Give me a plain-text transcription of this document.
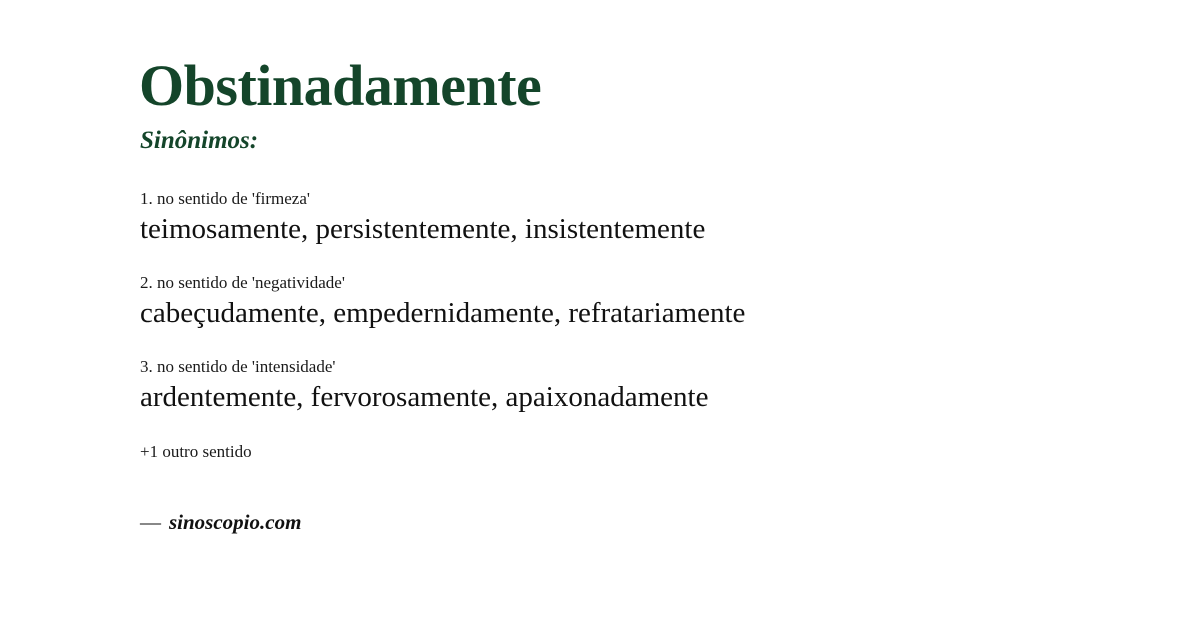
Obstinadamente
Sinônimos:
1. no sentido de 'firmeza'
teimosamente, persistentemente, insistentemente
2. no sentido de 'negatividade'
cabeçudamente, empedernidamente, refratariamente
3. no sentido de 'intensidade'
ardentemente, fervorosamente, apaixonadamente
+1 outro sentido
— sinoscopio.com
